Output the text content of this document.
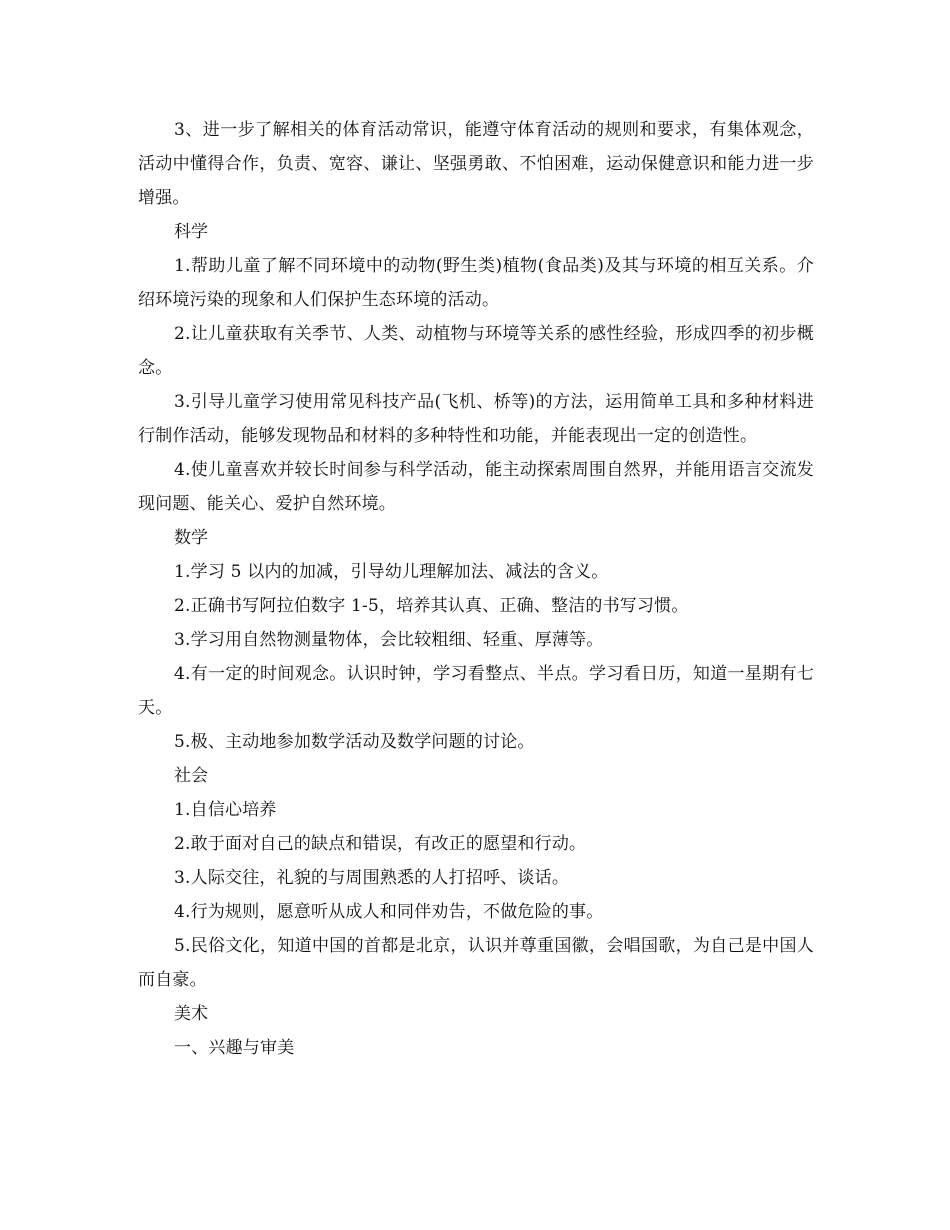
3、进一步了解相关的体育活动常识，能遵守体育活动的规则和要求，有集体观念，活动中懂得合作，负责、宽容、谦让、坚强勇敢、不怕困难，运动保健意识和能力进一步增强。

科学

1.帮助儿童了解不同环境中的动物(野生类)植物(食品类)及其与环境的相互关系。介绍环境污染的现象和人们保护生态环境的活动。

2.让儿童获取有关季节、人类、动植物与环境等关系的感性经验，形成四季的初步概念。

3.引导儿童学习使用常见科技产品(飞机、桥等)的方法，运用简单工具和多种材料进行制作活动，能够发现物品和材料的多种特性和功能，并能表现出一定的创造性。

4.使儿童喜欢并较长时间参与科学活动，能主动探索周围自然界，并能用语言交流发现问题、能关心、爱护自然环境。

数学

1.学习 5 以内的加减，引导幼儿理解加法、减法的含义。

2.正确书写阿拉伯数字 1-5，培养其认真、正确、整洁的书写习惯。

3.学习用自然物测量物体，会比较粗细、轻重、厚薄等。

4.有一定的时间观念。认识时钟，学习看整点、半点。学习看日历，知道一星期有七天。

5.极、主动地参加数学活动及数学问题的讨论。

社会

1.自信心培养

2.敢于面对自己的缺点和错误，有改正的愿望和行动。

3.人际交往，礼貌的与周围熟悉的人打招呼、谈话。

4.行为规则，愿意听从成人和同伴劝告，不做危险的事。

5.民俗文化，知道中国的首都是北京，认识并尊重国徽，会唱国歌，为自己是中国人而自豪。

美术

一、兴趣与审美
